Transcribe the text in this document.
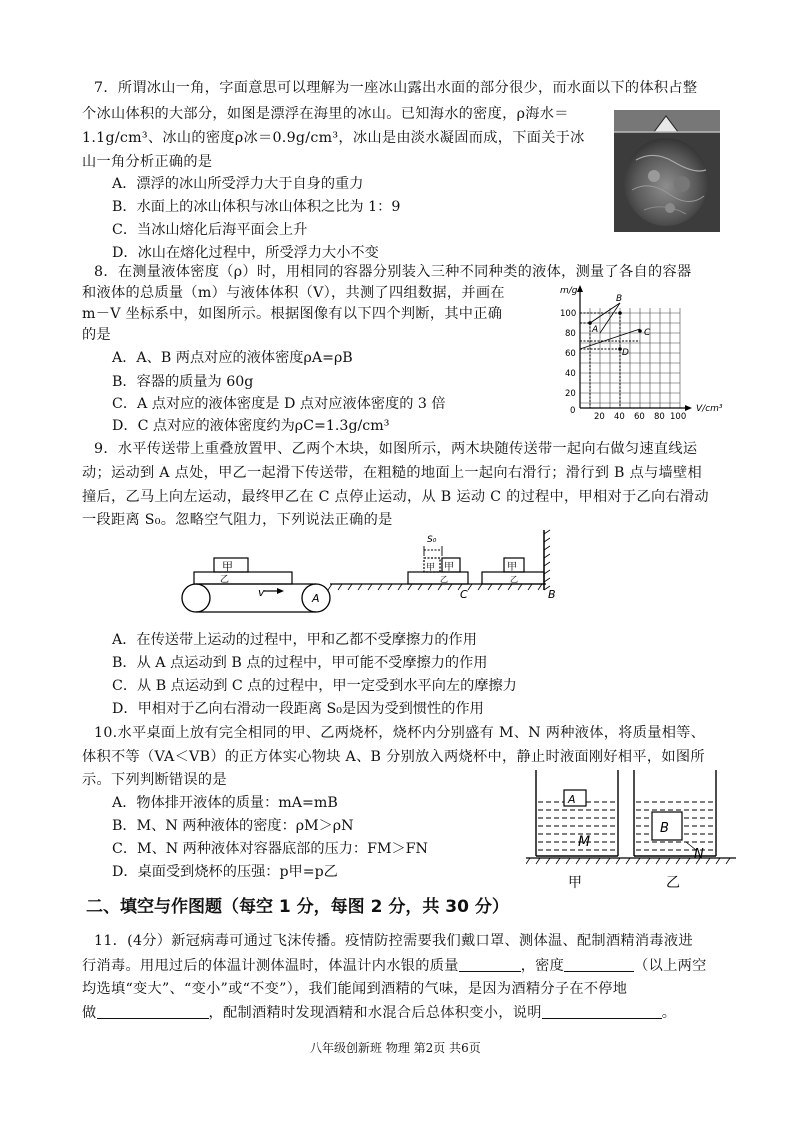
7．所谓冰山一角，字面意思可以理解为一座冰山露出水面的部分很少，而水面以下的体积占整
个冰山体积的大部分，如图是漂浮在海里的冰山。已知海水的密度，ρ海水＝
1.1g/cm³、冰山的密度ρ冰＝0.9g/cm³，冰山是由淡水凝固而成，下面关于冰
山一角分析正确的是
A．漂浮的冰山所受浮力大于自身的重力
B．水面上的冰山体积与冰山体积之比为 1：9
C．当冰山熔化后海平面会上升
D．冰山在熔化过程中，所受浮力大小不变
8．在测量液体密度（ρ）时，用相同的容器分别装入三种不同种类的液体，测量了各自的容器
和液体的总质量（m）与液体体积（V），共测了四组数据，并画在
m－V 坐标系中，如图所示。根据图像有以下四个判断，其中正确
的是
A．A、B 两点对应的液体密度ρA=ρB
B．容器的质量为 60g
C．A 点对应的液体密度是 D 点对应液体密度的 3 倍
D．C 点对应的液体密度约为ρC=1.3g/cm³
m/g
V/cm³
100
80
60
40
20
0
20 40 60 80 100
A
B
C
D
9．水平传送带上重叠放置甲、乙两个木块，如图所示，两木块随传送带一起向右做匀速直线运
动；运动到 A 点处，甲乙一起滑下传送带，在粗糙的地面上一起向右滑行；滑行到 B 点与墙壁相
撞后，乙马上向左运动，最终甲乙在 C 点停止运动，从 B 运动 C 的过程中，甲相对于乙向右滑动
一段距离 S₀。忽略空气阻力，下列说法正确的是
v	A
甲
乙
B
甲 甲
乙
C
S₀
甲
乙
A．在传送带上运动的过程中，甲和乙都不受摩擦力的作用
B．从 A 点运动到 B 点的过程中，甲可能不受摩擦力的作用
C．从 B 点运动到 C 点的过程中，甲一定受到水平向左的摩擦力
D．甲相对于乙向右滑动一段距离 S₀是因为受到惯性的作用
10.水平桌面上放有完全相同的甲、乙两烧杯，烧杯内分别盛有 M、N 两种液体，将质量相等、
体积不等（VA＜VB）的正方体实心物块 A、B 分别放入两烧杯中，静止时液面刚好相平，如图所
示。下列判断错误的是
A．物体排开液体的质量：mA=mB
B．M、N 两种液体的密度：ρM＞ρN
C．M、N 两种液体对容器底部的压力：FM＞FN
D．桌面受到烧杯的压强：p甲=p乙
A
M
B
N
甲	乙
二、填空与作图题（每空 1 分，每图 2 分，共 30 分）
11．(4分）新冠病毒可通过飞沫传播。疫情防控需要我们戴口罩、测体温、配制酒精消毒液进
行消毒。用甩过后的体温计测体温时，体温计内水银的质量	，密度	（以上两空
均选填“变大”、“变小”或“不变”），我们能闻到酒精的气味，是因为酒精分子在不停地
做	，配制酒精时发现酒精和水混合后总体积变小，说明	。
八年级创新班 物理 第2页 共6页
